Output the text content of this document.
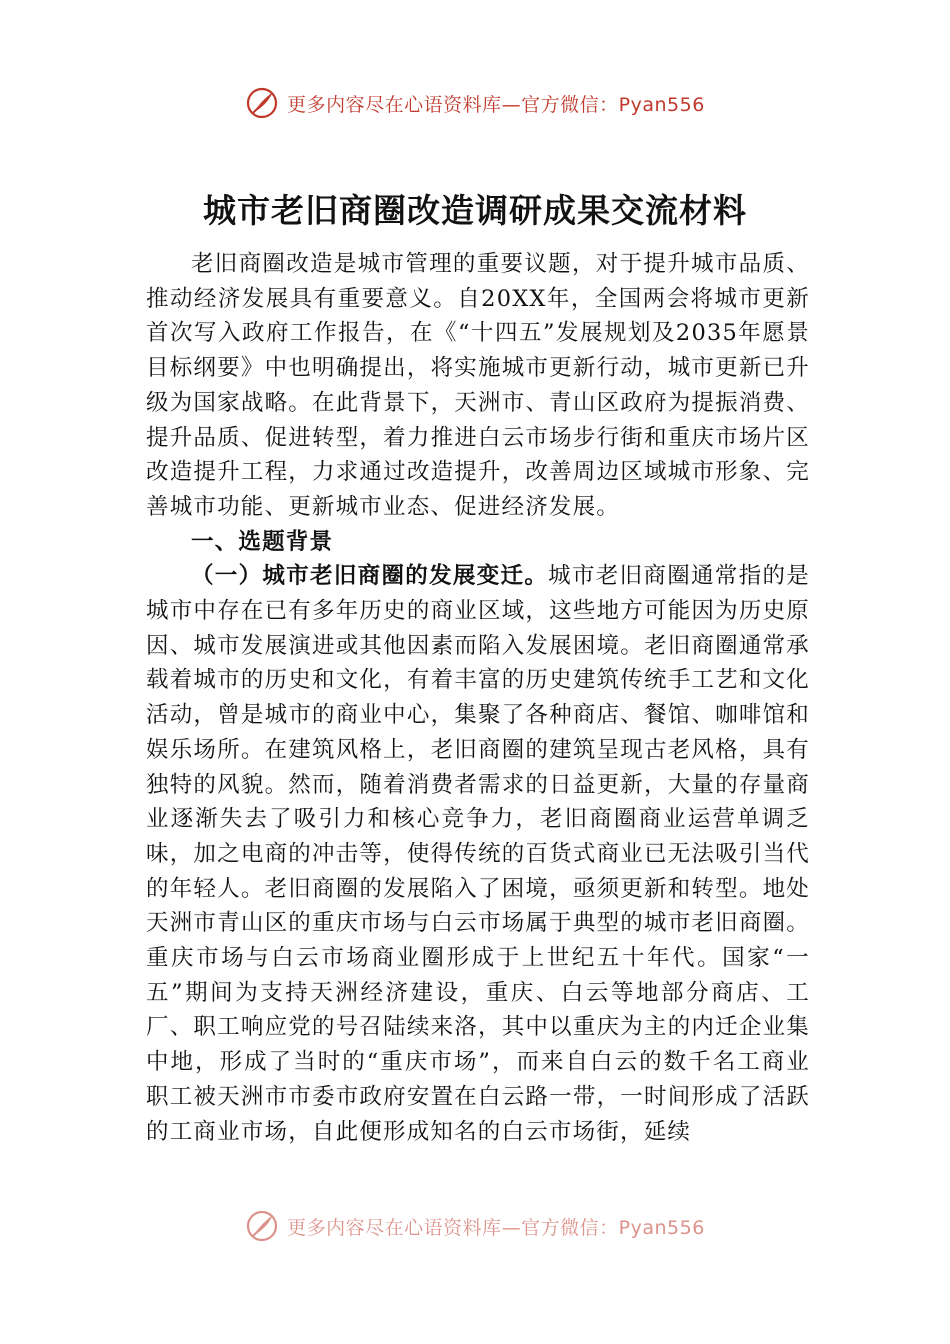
更多内容尽在心语资料库—官方微信：Pyan556
城市老旧商圈改造调研成果交流材料

老旧商圈改造是城市管理的重要议题，对于提升城市品质、推动经济发展具有重要意义。自20XX年，全国两会将城市更新首次写入政府工作报告，在《“十四五”发展规划及2035年愿景目标纲要》中也明确提出，将实施城市更新行动，城市更新已升级为国家战略。在此背景下，天洲市、青山区政府为提振消费、提升品质、促进转型，着力推进白云市场步行街和重庆市场片区改造提升工程，力求通过改造提升，改善周边区域城市形象、完善城市功能、更新城市业态、促进经济发展。

一、选题背景

（一）城市老旧商圈的发展变迁。城市老旧商圈通常指的是城市中存在已有多年历史的商业区域，这些地方可能因为历史原因、城市发展演进或其他因素而陷入发展困境。老旧商圈通常承载着城市的历史和文化，有着丰富的历史建筑传统手工艺和文化活动，曾是城市的商业中心，集聚了各种商店、餐馆、咖啡馆和娱乐场所。在建筑风格上，老旧商圈的建筑呈现古老风格，具有独特的风貌。然而，随着消费者需求的日益更新，大量的存量商业逐渐失去了吸引力和核心竞争力，老旧商圈商业运营单调乏味，加之电商的冲击等，使得传统的百货式商业已无法吸引当代的年轻人。老旧商圈的发展陷入了困境，亟须更新和转型。地处天洲市青山区的重庆市场与白云市场属于典型的城市老旧商圈。重庆市场与白云市场商业圈形成于上世纪五十年代。国家“一五”期间为支持天洲经济建设，重庆、白云等地部分商店、工厂、职工响应党的号召陆续来洛，其中以重庆为主的内迁企业集中地，形成了当时的“重庆市场”，而来自白云的数千名工商业职工被天洲市市委市政府安置在白云路一带，一时间形成了活跃的工商业市场，自此便形成知名的白云市场街，延续

更多内容尽在心语资料库—官方微信：Pyan556
